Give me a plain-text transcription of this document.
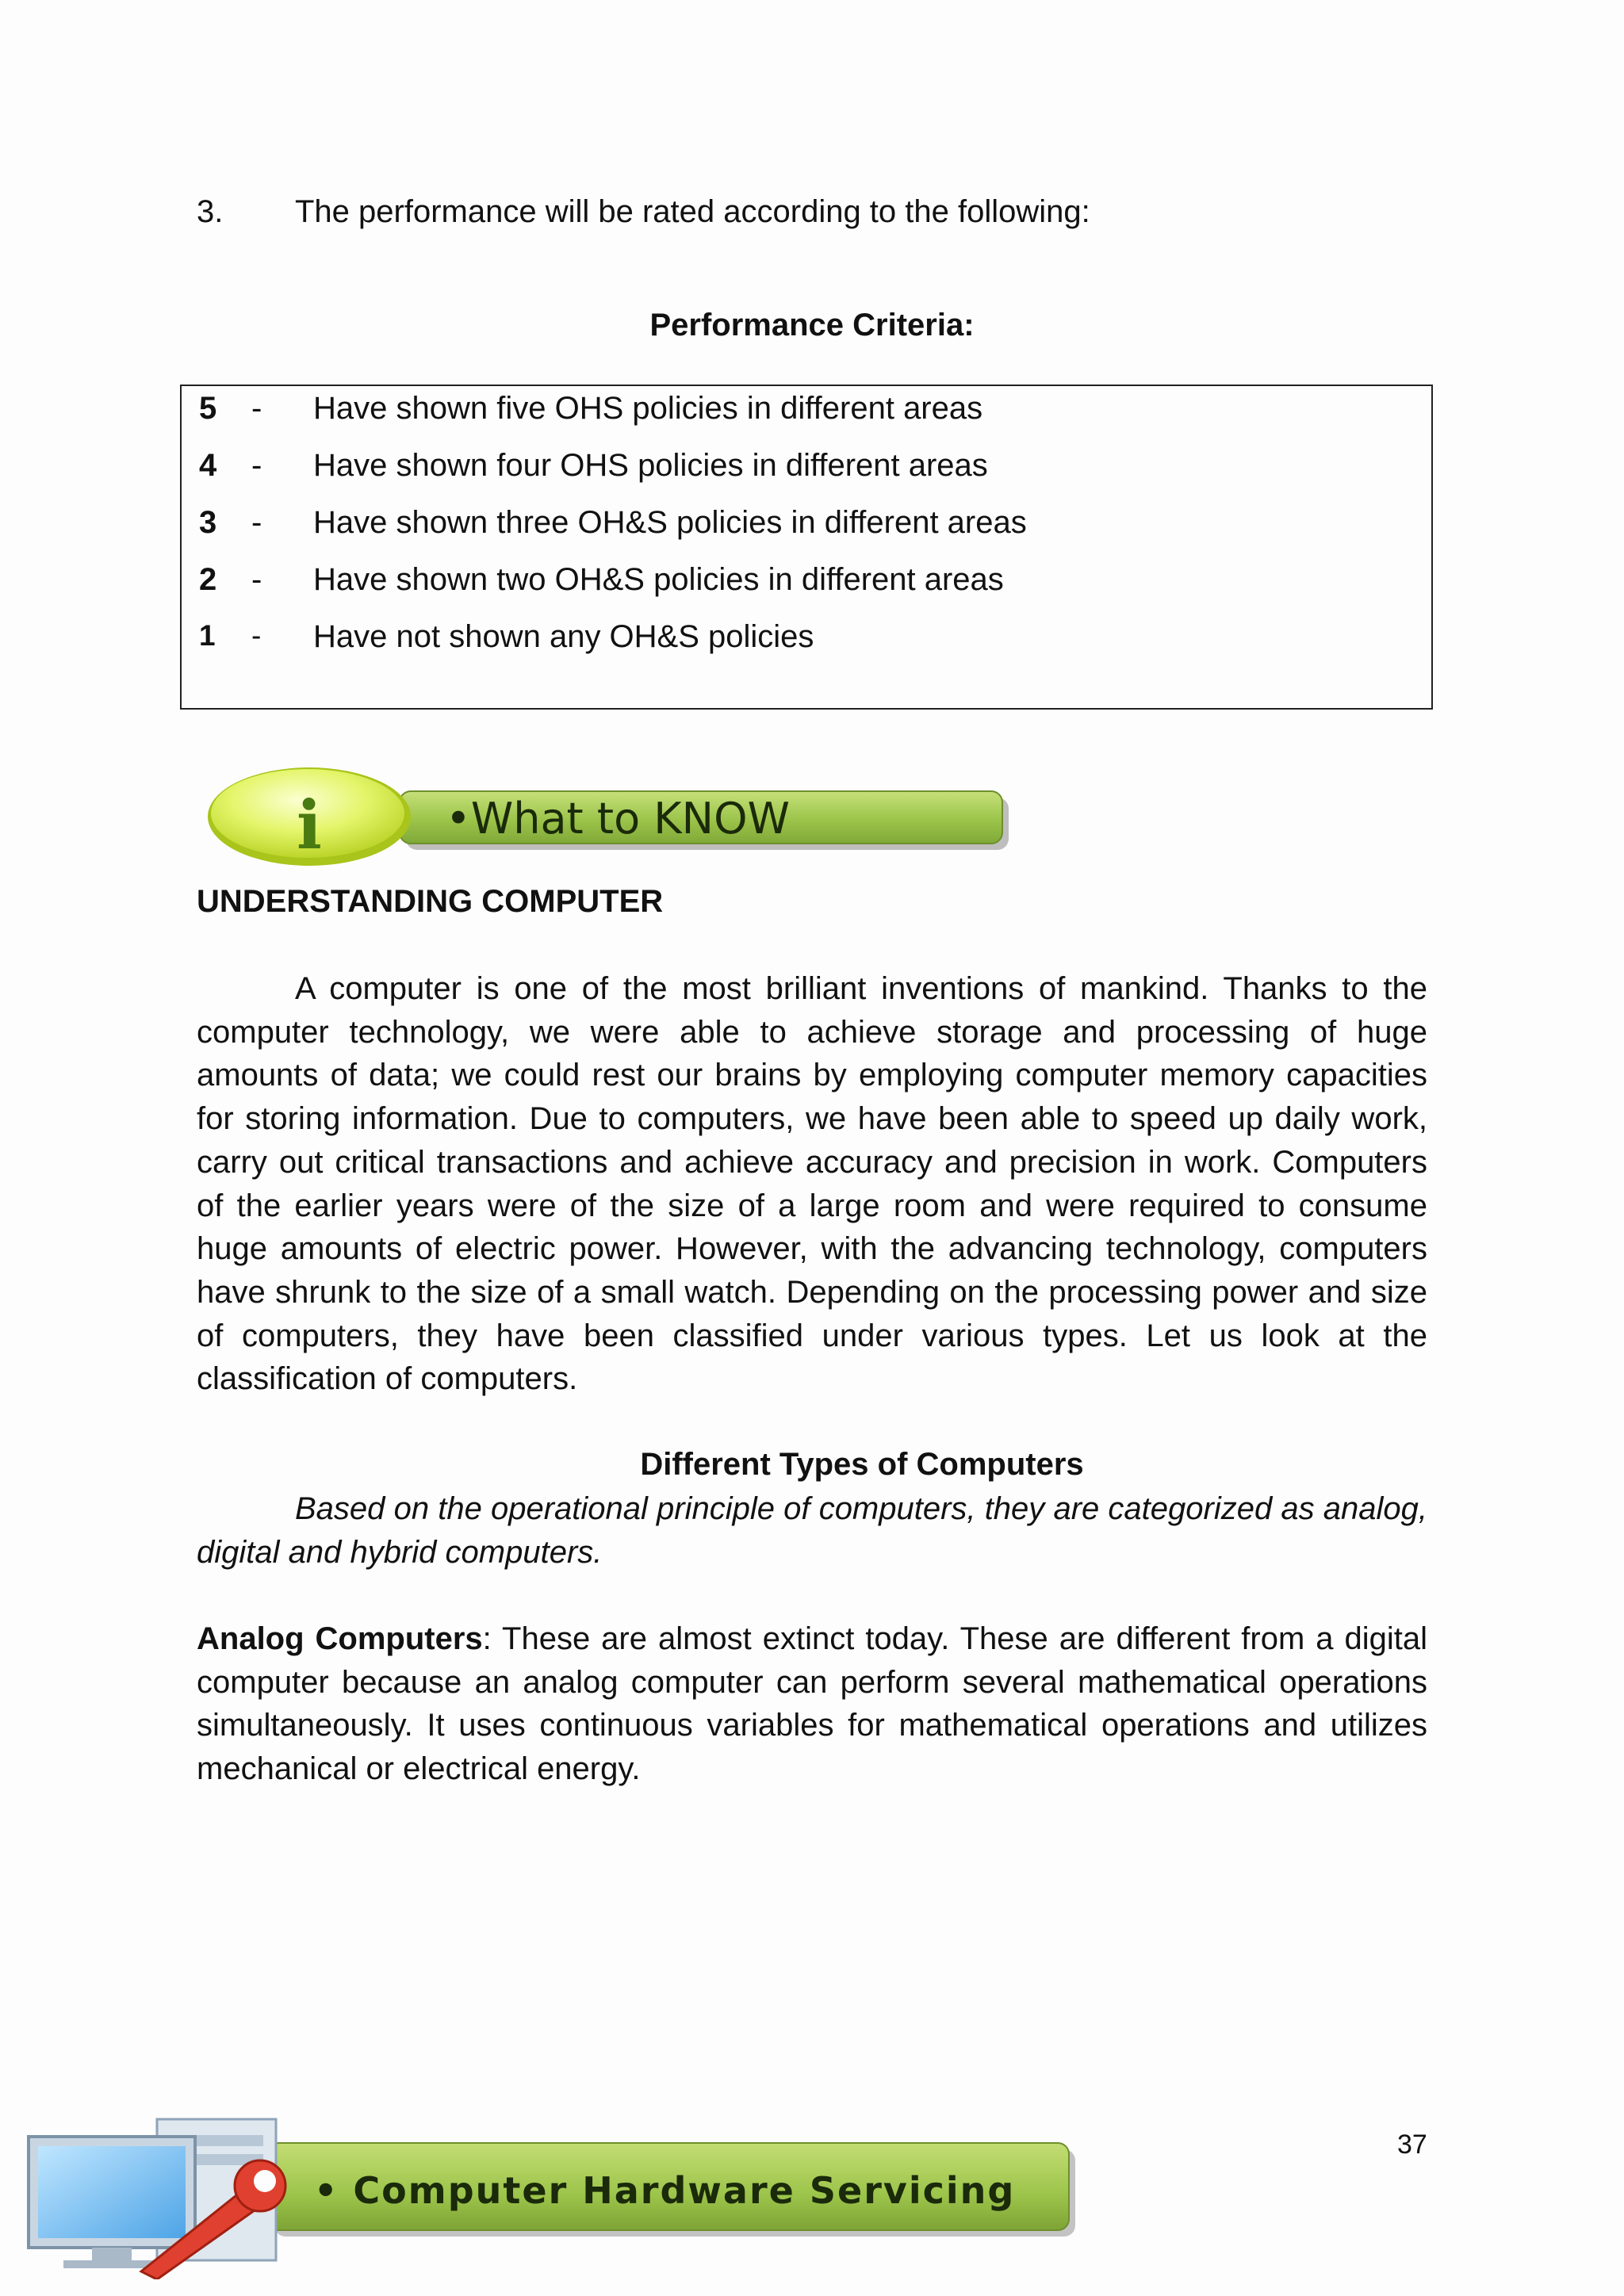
3. The performance will be rated according to the following:
Performance Criteria:
5 - Have shown five OHS policies in different areas
4 - Have shown four OHS policies in different areas
3 - Have shown three OH&S policies in different areas
2 - Have shown two OH&S policies in different areas
1 - Have not shown any OH&S policies
i	•What to KNOW
UNDERSTANDING COMPUTER

A computer is one of the most brilliant inventions of mankind. Thanks to the computer technology, we were able to achieve storage and processing of huge amounts of data; we could rest our brains by employing computer memory capacities for storing information. Due to computers, we have been able to speed up daily work, carry out critical transactions and achieve accuracy and precision in work. Computers of the earlier years were of the size of a large room and were required to consume huge amounts of electric power. However, with the advancing technology, computers have shrunk to the size of a small watch. Depending on the processing power and size of computers, they have been classified under various types. Let us look at the classification of computers.

Different Types of Computers

Based on the operational principle of computers, they are categorized as analog, digital and hybrid computers.

Analog Computers: These are almost extinct today. These are different from a digital computer because an analog computer can perform several mathematical operations simultaneously. It uses continuous variables for mathematical operations and utilizes mechanical or electrical energy.

• Computer Hardware Servicing
37
